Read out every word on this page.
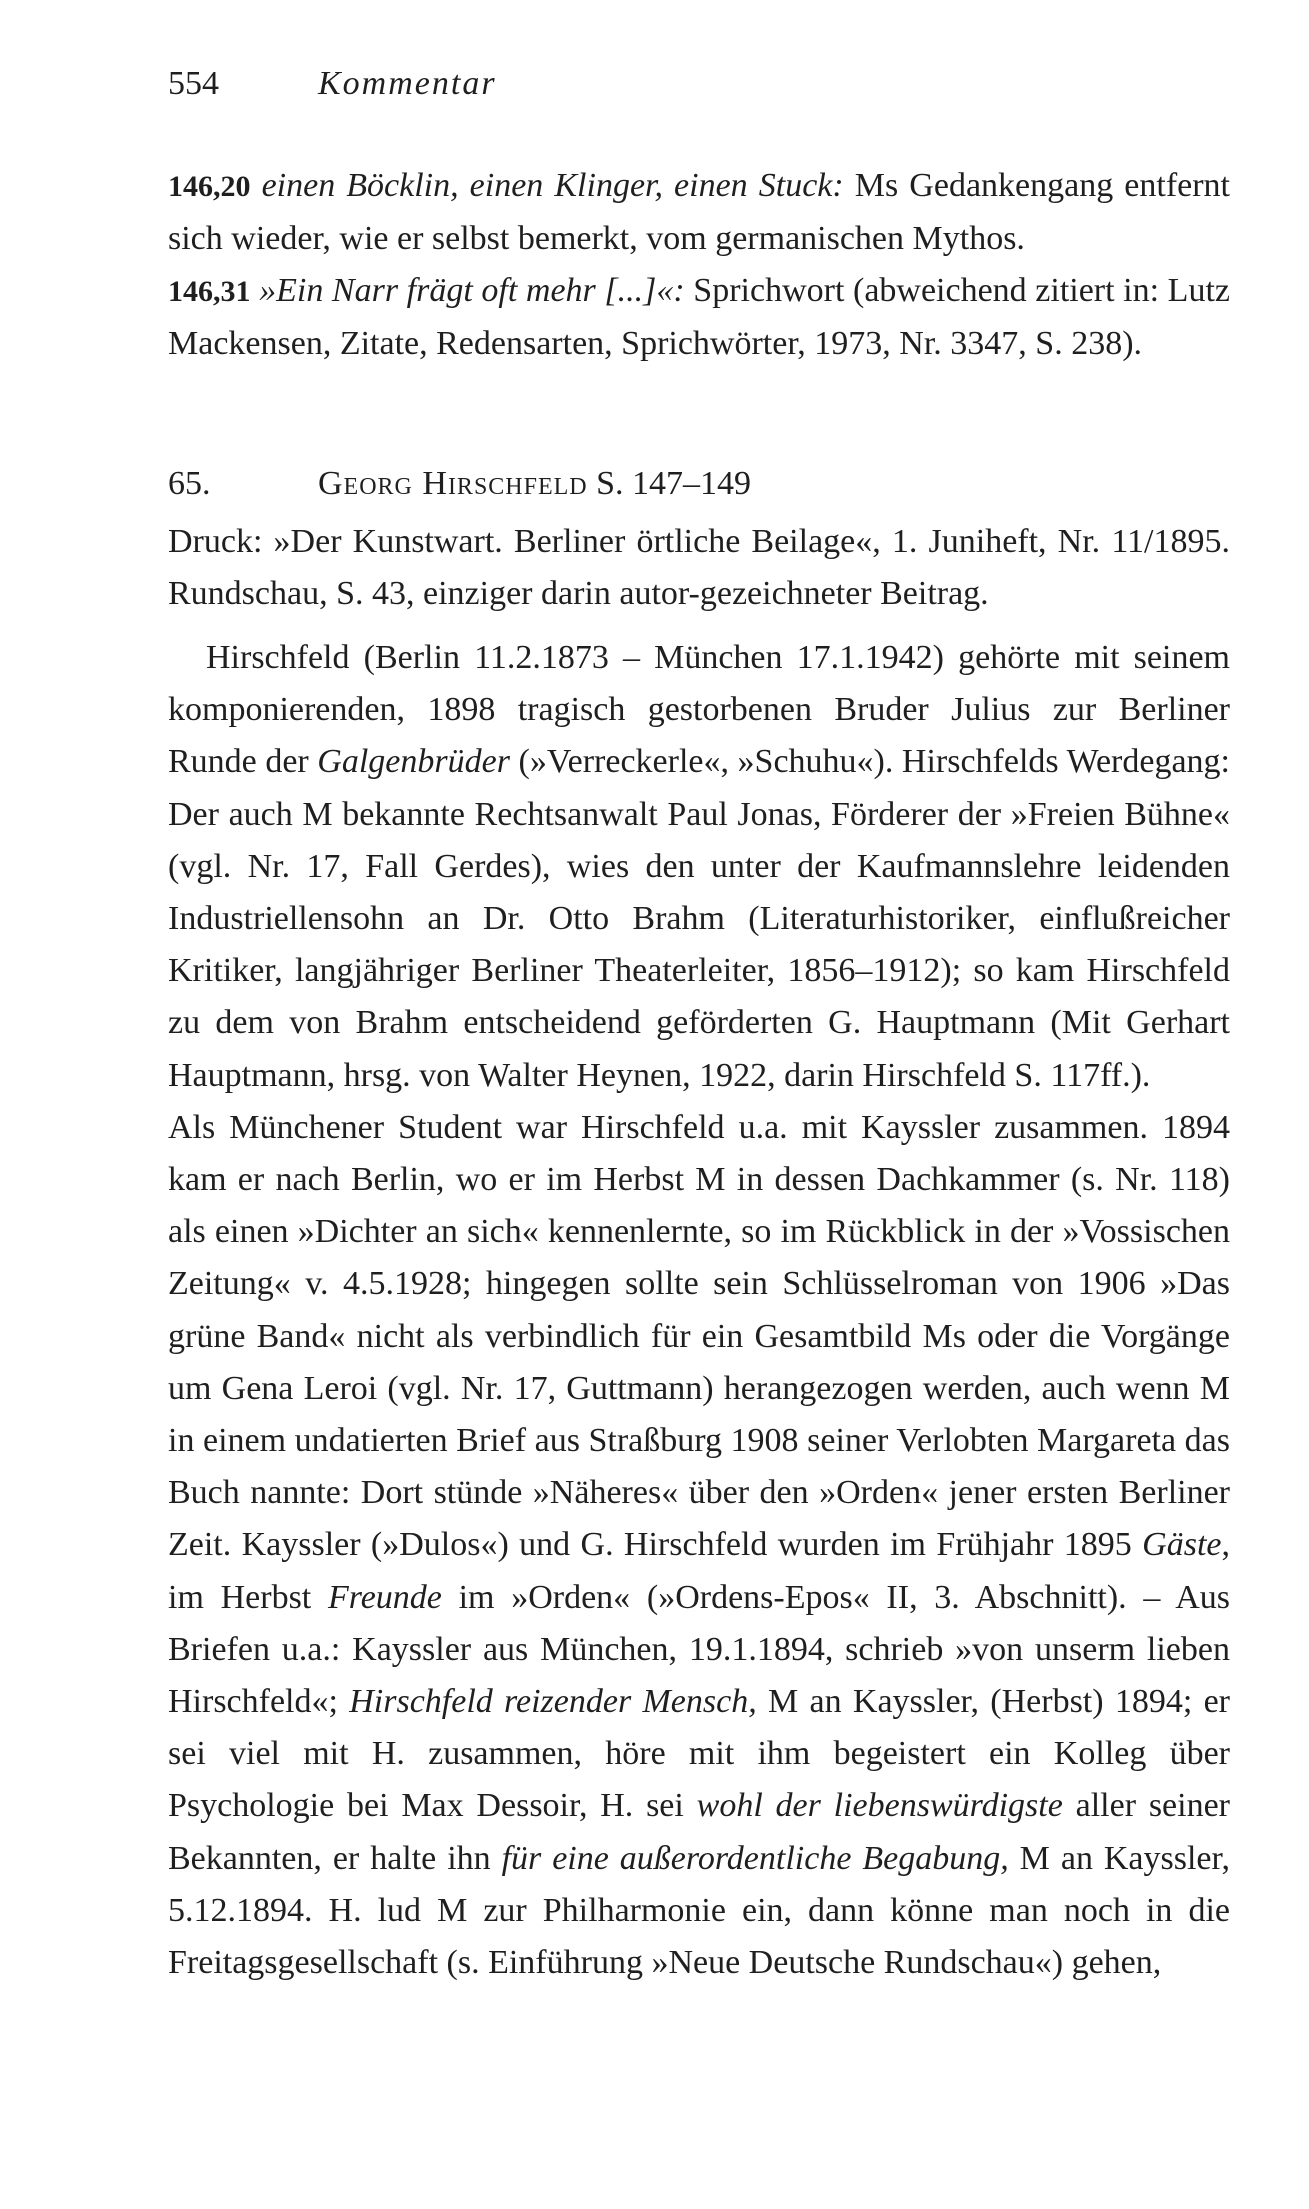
554	Kommentar

146,20 einen Böcklin, einen Klinger, einen Stuck: Ms Gedankengang entfernt sich wieder, wie er selbst bemerkt, vom germanischen Mythos.

146,31 »Ein Narr frägt oft mehr [...]«: Sprichwort (abweichend zitiert in: Lutz Mackensen, Zitate, Redensarten, Sprichwörter, 1973, Nr. 3347, S. 238).

65.	Georg Hirschfeld S. 147–149
Druck: »Der Kunstwart. Berliner örtliche Beilage«, 1. Juniheft, Nr. 11/1895. Rundschau, S. 43, einziger darin autor-gezeichneter Beitrag.

Hirschfeld (Berlin 11.2.1873 – München 17.1.1942) gehörte mit seinem komponierenden, 1898 tragisch gestorbenen Bruder Julius zur Berliner Runde der Galgenbrüder (»Verreckerle«, »Schuhu«). Hirschfelds Werdegang: Der auch M bekannte Rechtsanwalt Paul Jonas, Förderer der »Freien Bühne« (vgl. Nr. 17, Fall Gerdes), wies den unter der Kaufmannslehre leidenden Industriellensohn an Dr. Otto Brahm (Literaturhistoriker, einflußreicher Kritiker, langjähriger Berliner Theaterleiter, 1856–1912); so kam Hirschfeld zu dem von Brahm entscheidend geförderten G. Hauptmann (Mit Gerhart Hauptmann, hrsg. von Walter Heynen, 1922, darin Hirschfeld S. 117ff.).

Als Münchener Student war Hirschfeld u.a. mit Kayssler zusammen. 1894 kam er nach Berlin, wo er im Herbst M in dessen Dachkammer (s. Nr. 118) als einen »Dichter an sich« kennenlernte, so im Rückblick in der »Vossischen Zeitung« v. 4.5.1928; hingegen sollte sein Schlüsselroman von 1906 »Das grüne Band« nicht als verbindlich für ein Gesamtbild Ms oder die Vorgänge um Gena Leroi (vgl. Nr. 17, Guttmann) herangezogen werden, auch wenn M in einem undatierten Brief aus Straßburg 1908 seiner Verlobten Margareta das Buch nannte: Dort stünde »Näheres« über den »Orden« jener ersten Berliner Zeit. Kayssler (»Dulos«) und G. Hirschfeld wurden im Frühjahr 1895 Gäste, im Herbst Freunde im »Orden« (»Ordens-Epos« II, 3. Abschnitt). – Aus Briefen u.a.: Kayssler aus München, 19.1.1894, schrieb »von unserm lieben Hirschfeld«; Hirschfeld reizender Mensch, M an Kayssler, (Herbst) 1894; er sei viel mit H. zusammen, höre mit ihm begeistert ein Kolleg über Psychologie bei Max Dessoir, H. sei wohl der liebenswürdigste aller seiner Bekannten, er halte ihn für eine außerordentliche Begabung, M an Kayssler, 5.12.1894. H. lud M zur Philharmonie ein, dann könne man noch in die Freitagsgesellschaft (s. Einführung »Neue Deutsche Rundschau«) gehen,
